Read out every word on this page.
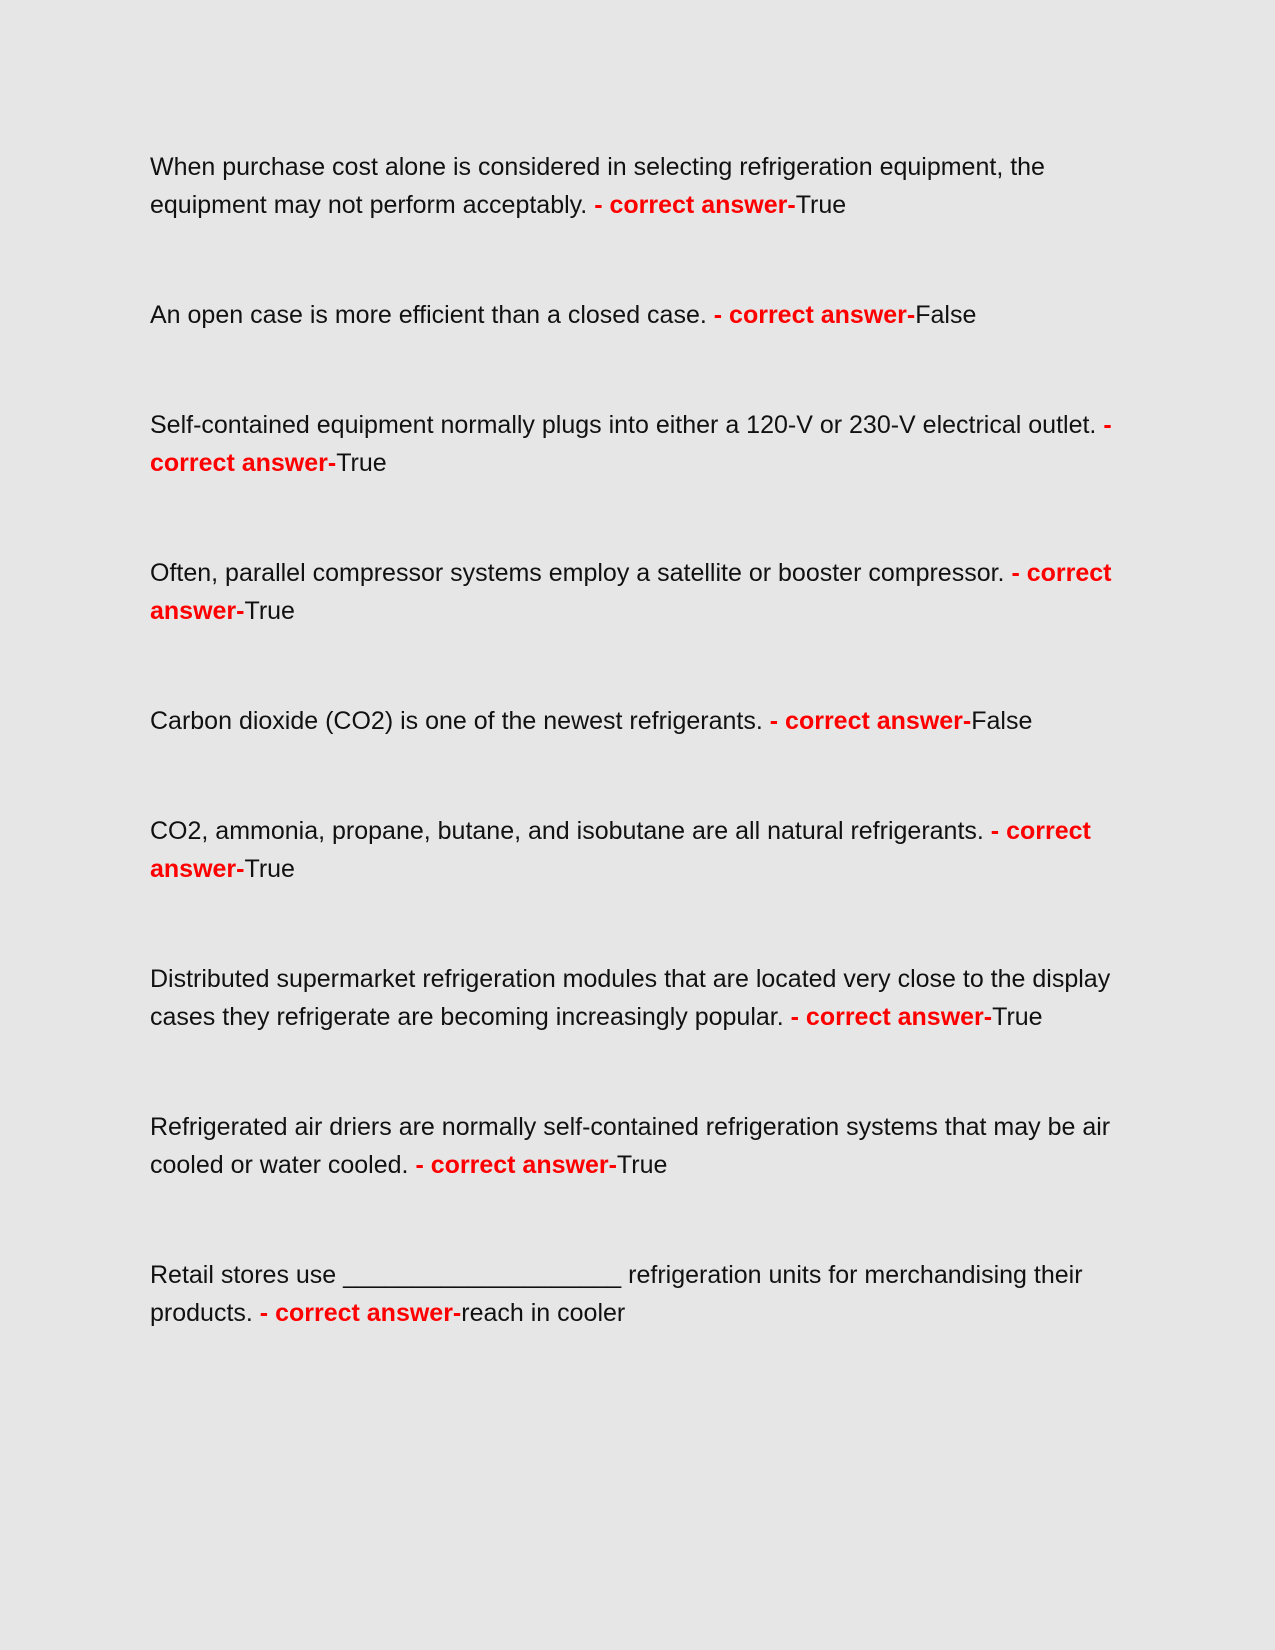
When purchase cost alone is considered in selecting refrigeration equipment, the equipment may not perform acceptably. - correct answer-True

An open case is more efficient than a closed case. - correct answer-False

Self-contained equipment normally plugs into either a 120-V or 230-V electrical outlet. - correct answer-True

Often, parallel compressor systems employ a satellite or booster compressor. - correct answer-True

Carbon dioxide (CO2) is one of the newest refrigerants. - correct answer-False

CO2, ammonia, propane, butane, and isobutane are all natural refrigerants. - correct answer-True

Distributed supermarket refrigeration modules that are located very close to the display cases they refrigerate are becoming increasingly popular. - correct answer-True

Refrigerated air driers are normally self-contained refrigeration systems that may be air cooled or water cooled. - correct answer-True

Retail stores use ____________________ refrigeration units for merchandising their products. - correct answer-reach in cooler
